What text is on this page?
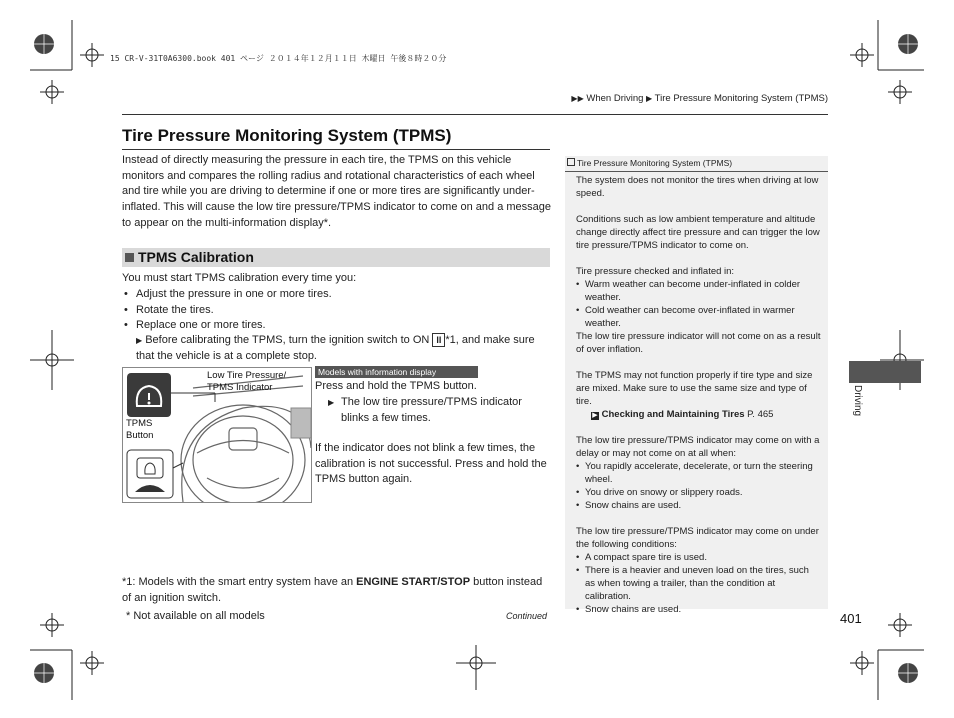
15 CR-V-31T0A6300.book 401 ページ ２０１４年１２月１１日 木曜日 午後８時２０分
▶▶ When Driving ▶ Tire Pressure Monitoring System (TPMS)
Tire Pressure Monitoring System (TPMS)
Instead of directly measuring the pressure in each tire, the TPMS on this vehicle monitors and compares the rolling radius and rotational characteristics of each wheel and tire while you are driving to determine if one or more tires are significantly under-inflated. This will cause the low tire pressure/TPMS indicator to come on and a message to appear on the multi-information display*.
TPMS Calibration
You must start TPMS calibration every time you:
• Adjust the pressure in one or more tires.
• Rotate the tires.
• Replace one or more tires.
▶ Before calibrating the TPMS, turn the ignition switch to ON II *1, and make sure that the vehicle is at a complete stop.
Low Tire Pressure/
TPMS Indicator
TPMS
Button
Models with information display
Press and hold the TPMS button.
▶ The low tire pressure/TPMS indicator blinks a few times.
If the indicator does not blink a few times, the calibration is not successful. Press and hold the TPMS button again.
*1: Models with the smart entry system have an ENGINE START/STOP button instead of an ignition switch.
* Not available on all models	Continued
Tire Pressure Monitoring System (TPMS)

The system does not monitor the tires when driving at low speed.

Conditions such as low ambient temperature and altitude change directly affect tire pressure and can trigger the low tire pressure/TPMS indicator to come on.

Tire pressure checked and inflated in:
• Warm weather can become under-inflated in colder weather.
• Cold weather can become over-inflated in warmer weather.

The low tire pressure indicator will not come on as a result of over inflation.

The TPMS may not function properly if tire type and size are mixed. Make sure to use the same size and type of tire.

▶ Checking and Maintaining Tires P. 465

The low tire pressure/TPMS indicator may come on with a delay or may not come on at all when:
• You rapidly accelerate, decelerate, or turn the steering wheel.
• You drive on snowy or slippery roads.
• Snow chains are used.
The low tire pressure/TPMS indicator may come on under the following conditions:
• A compact spare tire is used.
• There is a heavier and uneven load on the tires, such as when towing a trailer, than the condition at calibration.
• Snow chains are used.
Driving
401
